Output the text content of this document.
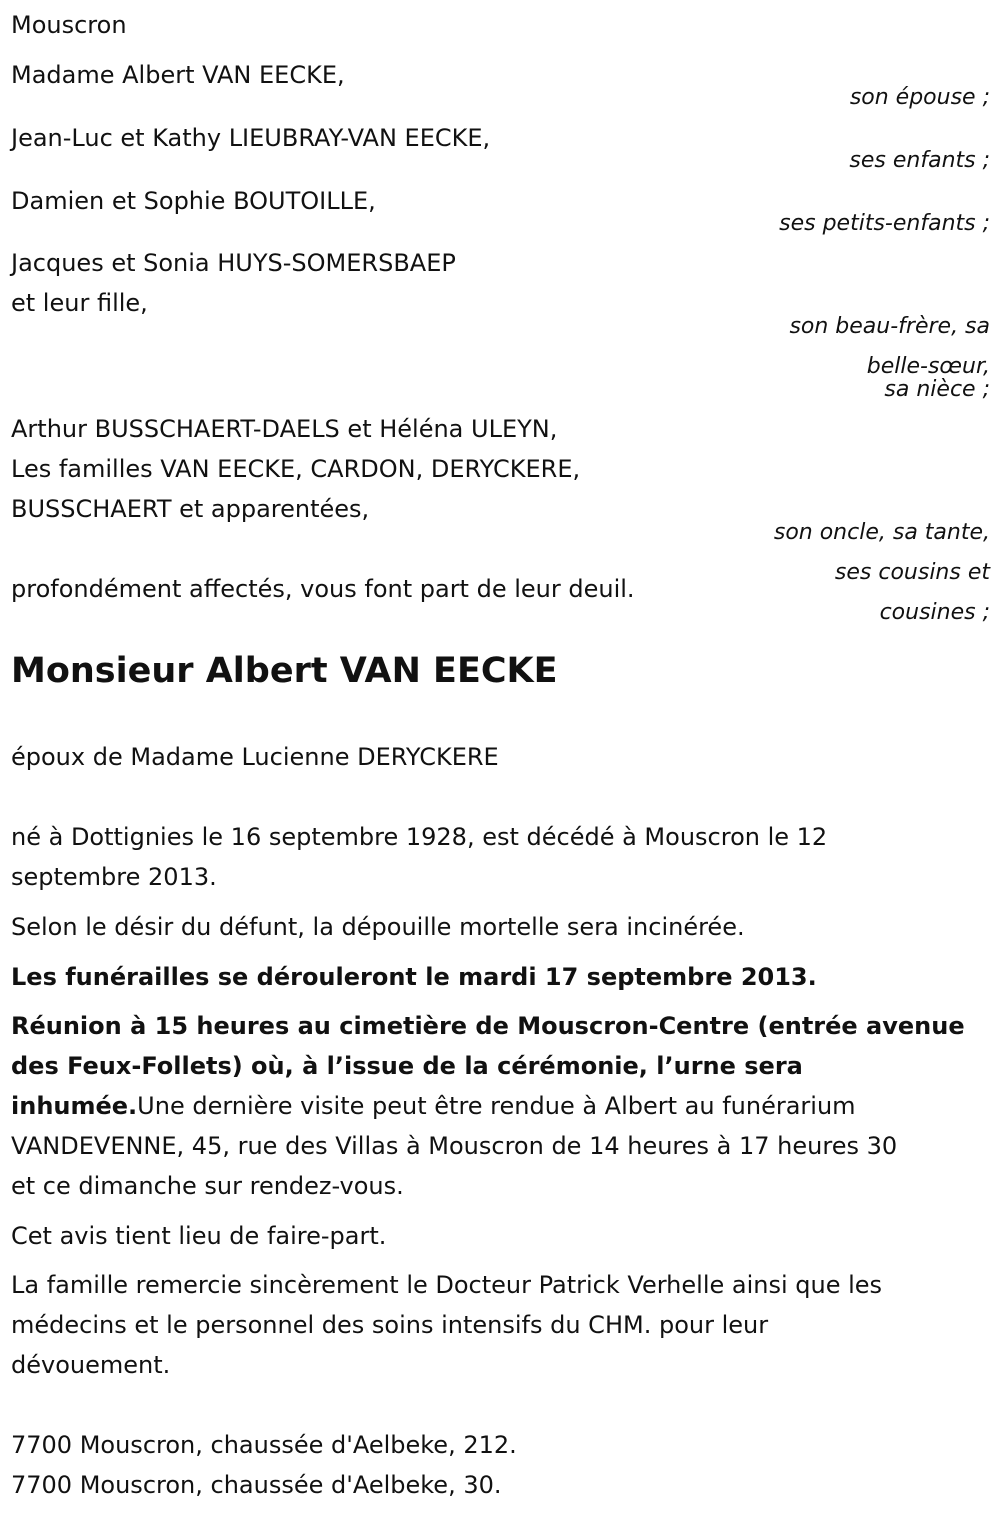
Mouscron
Madame Albert VAN EECKE,
son épouse ;
Jean-Luc et Kathy LIEUBRAY-VAN EECKE,
ses enfants ;
Damien et Sophie BOUTOILLE,
ses petits-enfants ;
Jacques et Sonia HUYS-SOMERSBAEP
et leur fille,
son beau-frère, sa
belle-sœur,
sa nièce ;
Arthur BUSSCHAERT-DAELS et Héléna ULEYN,
Les familles VAN EECKE, CARDON, DERYCKERE,
BUSSCHAERT et apparentées,
son oncle, sa tante,
ses cousins et
cousines ;
profondément affectés, vous font part de leur deuil.
Monsieur Albert VAN EECKE
époux de Madame Lucienne DERYCKERE
né à Dottignies le 16 septembre 1928, est décédé à Mouscron le 12
septembre 2013.
Selon le désir du défunt, la dépouille mortelle sera incinérée.
Les funérailles se dérouleront le mardi 17 septembre 2013.
Réunion à 15 heures au cimetière de Mouscron-Centre (entrée avenue
des Feux-Follets) où, à l’issue de la cérémonie, l’urne sera
inhumée.Une dernière visite peut être rendue à Albert au funérarium
VANDEVENNE, 45, rue des Villas à Mouscron de 14 heures à 17 heures 30
et ce dimanche sur rendez-vous.
Cet avis tient lieu de faire-part.
La famille remercie sincèrement le Docteur Patrick Verhelle ainsi que les
médecins et le personnel des soins intensifs du CHM. pour leur
dévouement.
7700 Mouscron, chaussée d'Aelbeke, 212.
7700 Mouscron, chaussée d'Aelbeke, 30.
